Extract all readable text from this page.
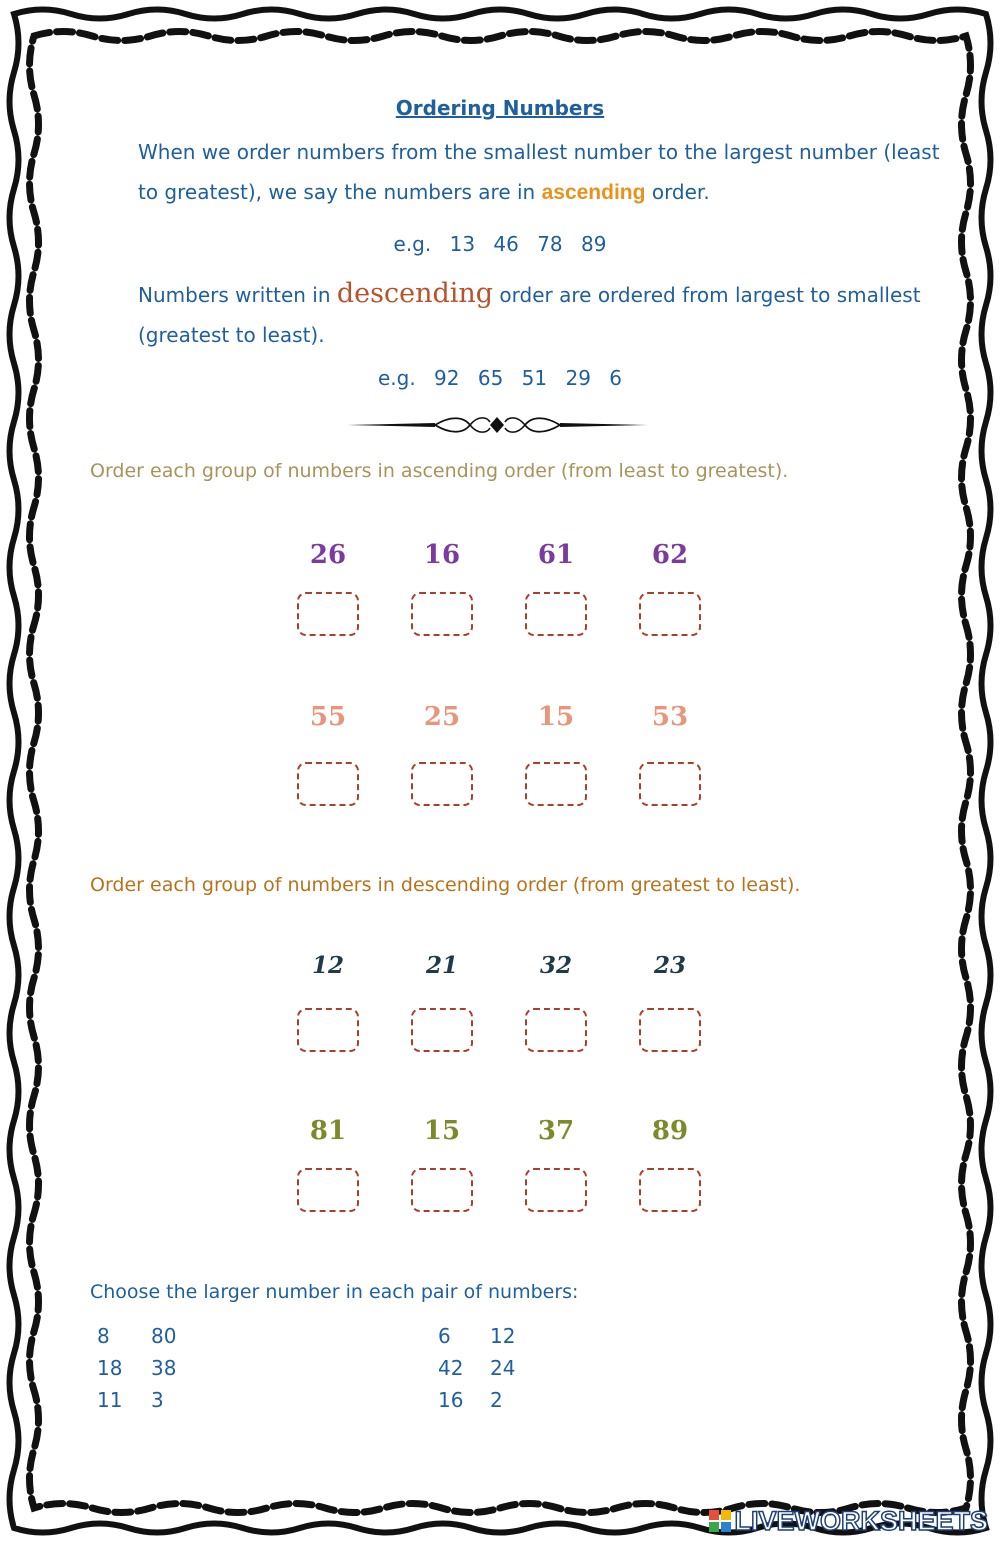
Ordering Numbers
When we order numbers from the smallest number to the largest number (least to greatest), we say the numbers are in ascending order.
e.g. 13 46 78 89
Numbers written in descending order are ordered from largest to smallest (greatest to least).
e.g. 92 65 51 29 6
Order each group of numbers in ascending order (from least to greatest).
26	16	61	62
55	25	15	53
12	21	32	23
81	15	37	89
Order each group of numbers in descending order (from greatest to least).
Choose the larger number in each pair of numbers:
8 80
18 38
11 3
6 12
42 24
16 2
LIVEWORKSHEETS
